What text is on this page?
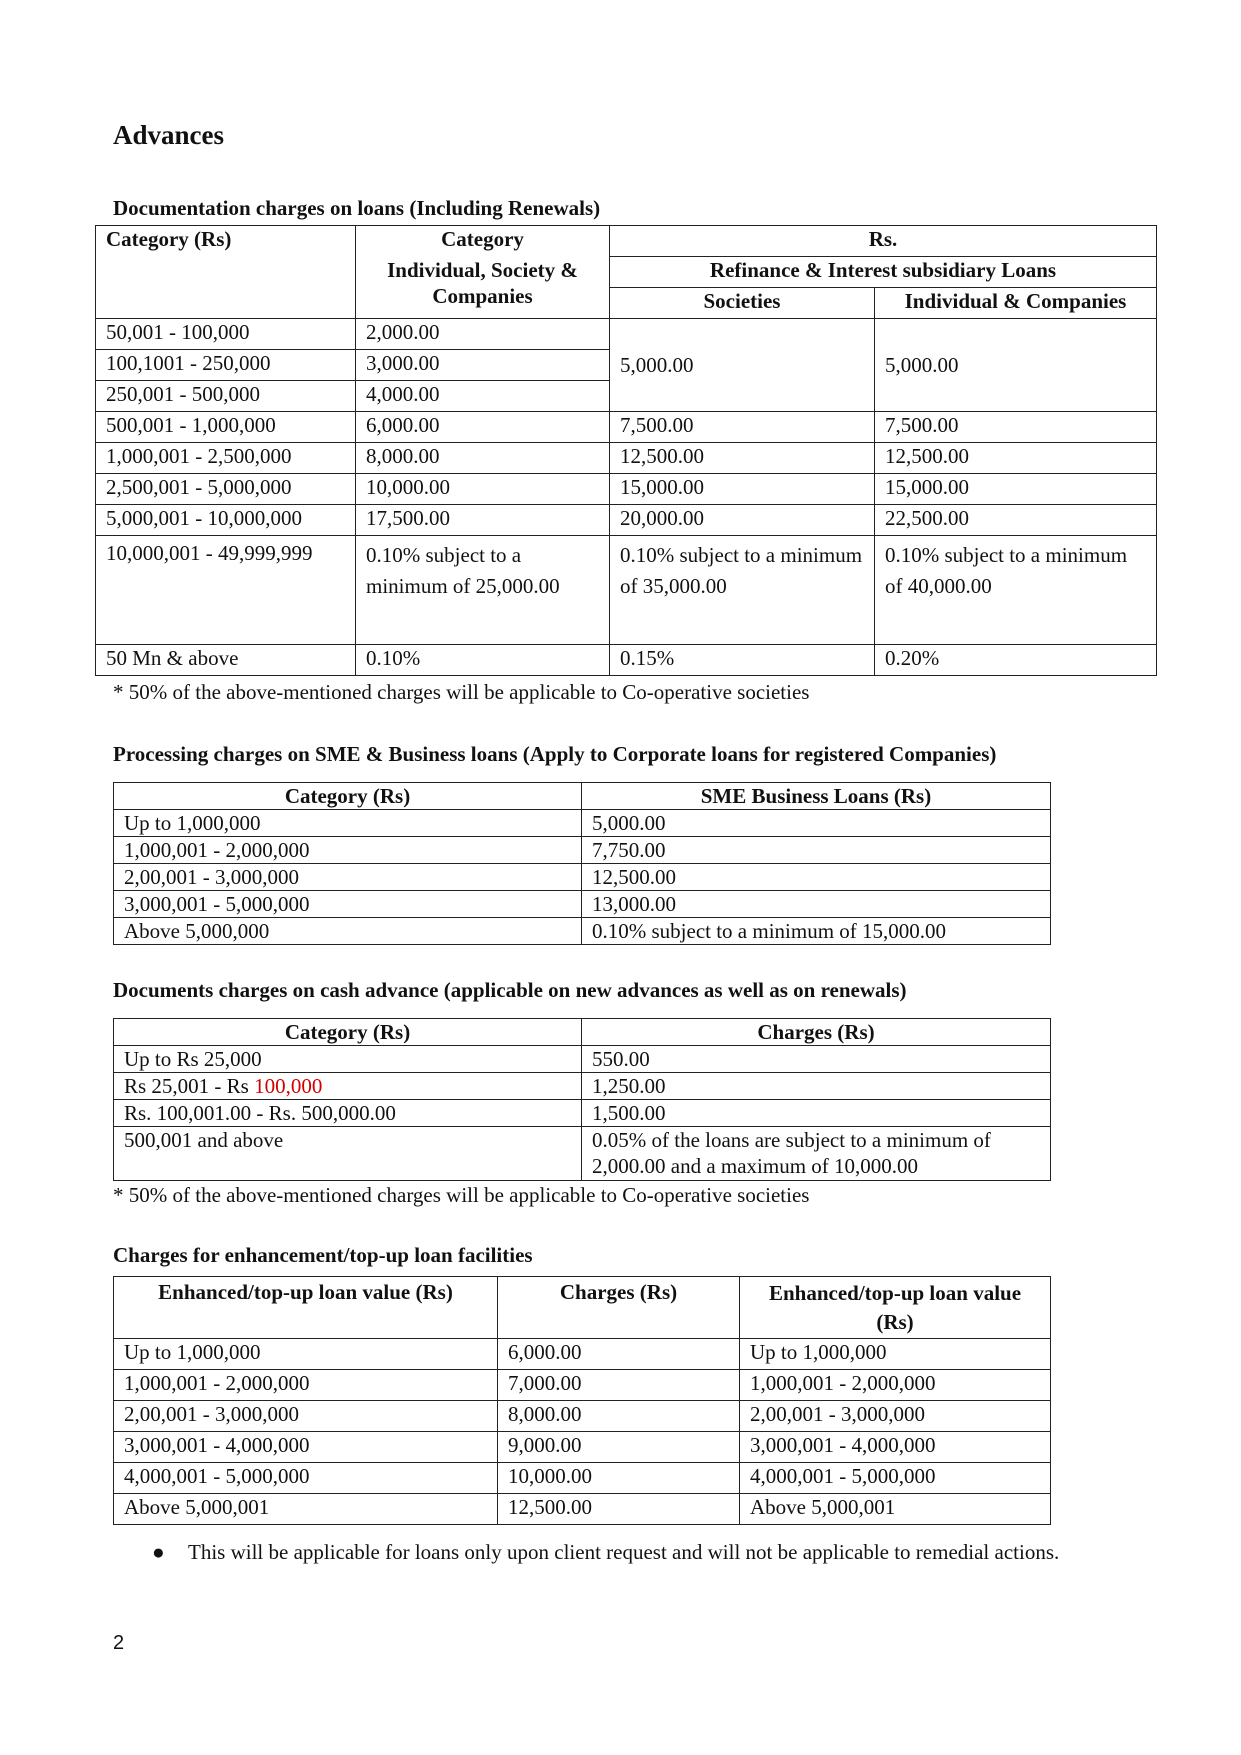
Advances
Documentation charges on loans (Including Renewals)
Category (Rs)	Category	Rs.	
	Individual, Society & Companies	Refinance & Interest subsidiary Loans	
		Societies	Individual & Companies
50,001 - 100,000	2,000.00	5,000.00	5,000.00
100,1001 - 250,000	3,000.00		
250,001 - 500,000	4,000.00		
500,001 - 1,000,000	6,000.00	7,500.00	7,500.00
1,000,001 - 2,500,000	8,000.00	12,500.00	12,500.00
2,500,001 - 5,000,000	10,000.00	15,000.00	15,000.00
5,000,001 - 10,000,000	17,500.00	20,000.00	22,500.00
10,000,001 - 49,999,999	0.10% subject to a minimum of 25,000.00	0.10% subject to a minimum of 35,000.00	0.10% subject to a minimum of 40,000.00
50 Mn & above	0.10%	0.15%	0.20%
* 50% of the above-mentioned charges will be applicable to Co-operative societies
Processing charges on SME & Business loans (Apply to Corporate loans for registered Companies)
Category (Rs)	SME Business Loans (Rs)
Up to 1,000,000	5,000.00
1,000,001 - 2,000,000	7,750.00
2,00,001 - 3,000,000	12,500.00
3,000,001 - 5,000,000	13,000.00
Above 5,000,000	0.10% subject to a minimum of 15,000.00
Documents charges on cash advance (applicable on new advances as well as on renewals)
Category (Rs)	Charges (Rs)
Up to Rs 25,000	550.00
Rs 25,001 - Rs 100,000	1,250.00
Rs. 100,001.00 - Rs. 500,000.00	1,500.00
500,001 and above	0.05% of the loans are subject to a minimum of 2,000.00 and a maximum of 10,000.00
* 50% of the above-mentioned charges will be applicable to Co-operative societies
Charges for enhancement/top-up loan facilities
Enhanced/top-up loan value (Rs)	Charges (Rs)	Enhanced/top-up loan value (Rs)
Up to 1,000,000	6,000.00	Up to 1,000,000
1,000,001 - 2,000,000	7,000.00	1,000,001 - 2,000,000
2,00,001 - 3,000,000	8,000.00	2,00,001 - 3,000,000
3,000,001 - 4,000,000	9,000.00	3,000,001 - 4,000,000
4,000,001 - 5,000,000	10,000.00	4,000,001 - 5,000,000
Above 5,000,001	12,500.00	Above 5,000,001
● This will be applicable for loans only upon client request and will not be applicable to remedial actions.
2
